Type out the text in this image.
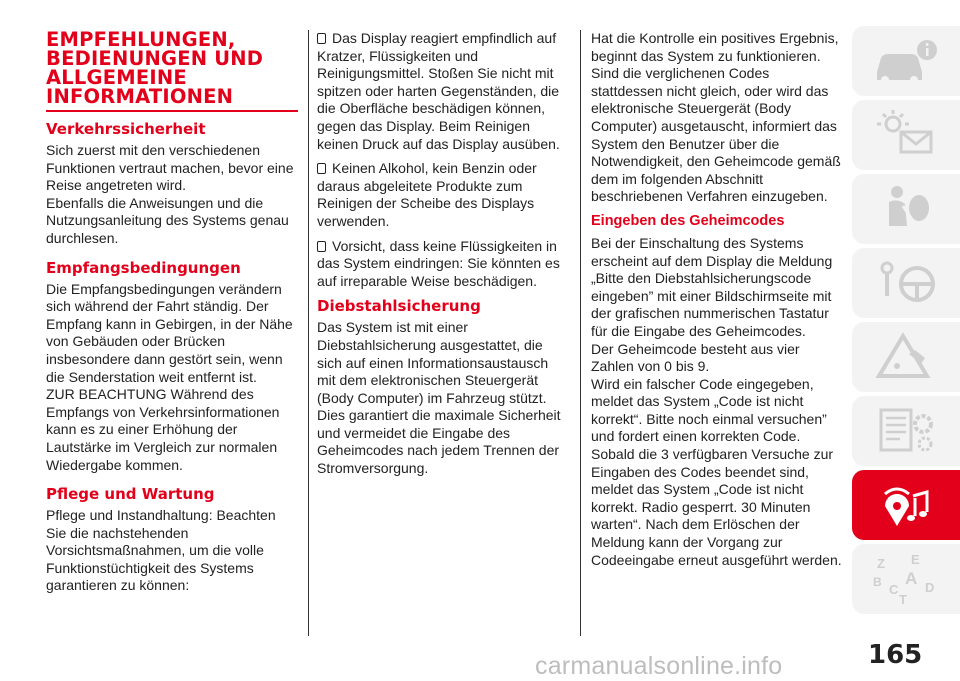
EMPFEHLUNGEN, BEDIENUNGEN UND ALLGEMEINE INFORMATIONEN
Verkehrssicherheit

Sich zuerst mit den verschiedenen Funktionen vertraut machen, bevor eine Reise angetreten wird.

Ebenfalls die Anweisungen und die Nutzungsanleitung des Systems genau durchlesen.

Empfangsbedingungen

Die Empfangsbedingungen verändern sich während der Fahrt ständig. Der Empfang kann in Gebirgen, in der Nähe von Gebäuden oder Brücken insbesondere dann gestört sein, wenn die Senderstation weit entfernt ist.

ZUR BEACHTUNG Während des Empfangs von Verkehrsinformationen kann es zu einer Erhöhung der Lautstärke im Vergleich zur normalen Wiedergabe kommen.

Pflege und Wartung

Pflege und Instandhaltung: Beachten Sie die nachstehenden Vorsichtsmaßnahmen, um die volle Funktionstüchtigkeit des Systems garantieren zu können:

Das Display reagiert empfindlich auf Kratzer, Flüssigkeiten und Reinigungsmittel. Stoßen Sie nicht mit spitzen oder harten Gegenständen, die die Oberfläche beschädigen können, gegen das Display. Beim Reinigen keinen Druck auf das Display ausüben.

Keinen Alkohol, kein Benzin oder daraus abgeleitete Produkte zum Reinigen der Scheibe des Displays verwenden.

Vorsicht, dass keine Flüssigkeiten in das System eindringen: Sie könnten es auf irreparable Weise beschädigen.

Diebstahlsicherung

Das System ist mit einer Diebstahlsicherung ausgestattet, die sich auf einen Informationsaustausch mit dem elektronischen Steuergerät (Body Computer) im Fahrzeug stützt. Dies garantiert die maximale Sicherheit und vermeidet die Eingabe des Geheimcodes nach jedem Trennen der Stromversorgung.

Hat die Kontrolle ein positives Ergebnis, beginnt das System zu funktionieren. Sind die verglichenen Codes stattdessen nicht gleich, oder wird das elektronische Steuergerät (Body Computer) ausgetauscht, informiert das System den Benutzer über die Notwendigkeit, den Geheimcode gemäß dem im folgenden Abschnitt beschriebenen Verfahren einzugeben.

Eingeben des Geheimcodes

Bei der Einschaltung des Systems erscheint auf dem Display die Meldung „Bitte den Diebstahlsicherungscode eingeben” mit einer Bildschirmseite mit der grafischen nummerischen Tastatur für die Eingabe des Geheimcodes.

Der Geheimcode besteht aus vier Zahlen von 0 bis 9.

Wird ein falscher Code eingegeben, meldet das System „Code ist nicht korrekt“. Bitte noch einmal versuchen” und fordert einen korrekten Code.

Sobald die 3 verfügbaren Versuche zur Eingaben des Codes beendet sind, meldet das System „Code ist nicht korrekt. Radio gesperrt. 30 Minuten warten“. Nach dem Erlöschen der Meldung kann der Vorgang zur Codeeingabe erneut ausgeführt werden.	Z E
B A
C
T
D
165
carmanualsonline.info
